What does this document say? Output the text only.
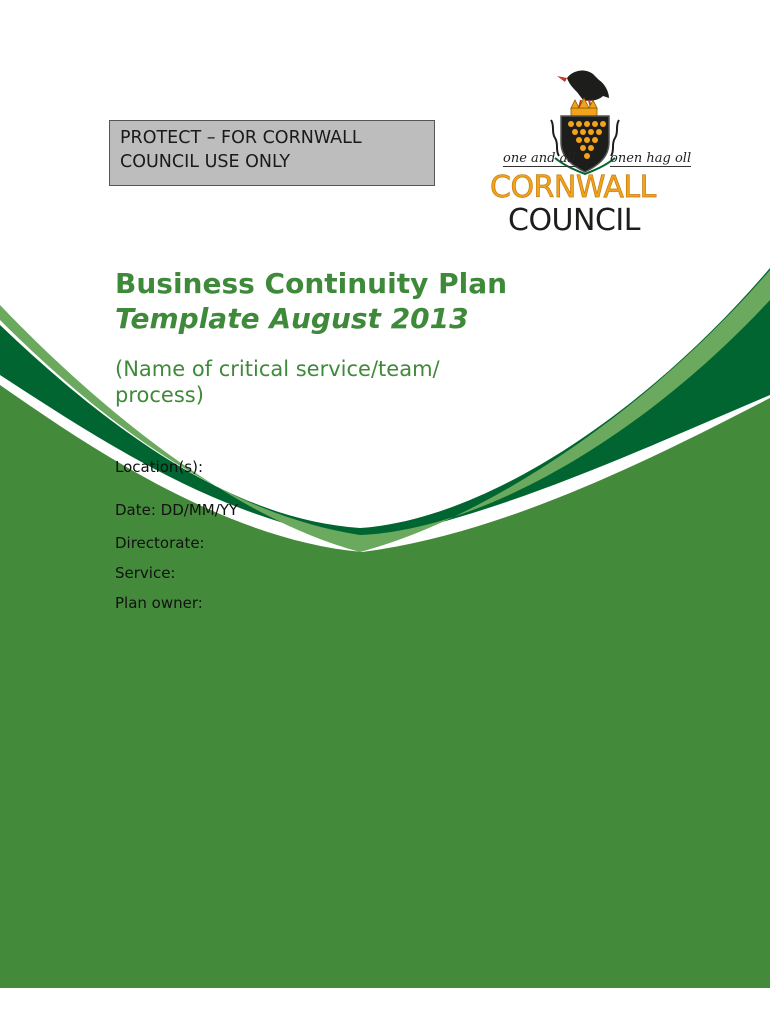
PROTECT – FOR CORNWALL
COUNCIL USE ONLY	one and all	onen hag oll
CORNWALL
COUNCIL
Business Continuity Plan
Template August 2013
(Name of critical service/team/ process)
Location(s):
Date: DD/MM/YY
Directorate:
Service:
Plan owner:
